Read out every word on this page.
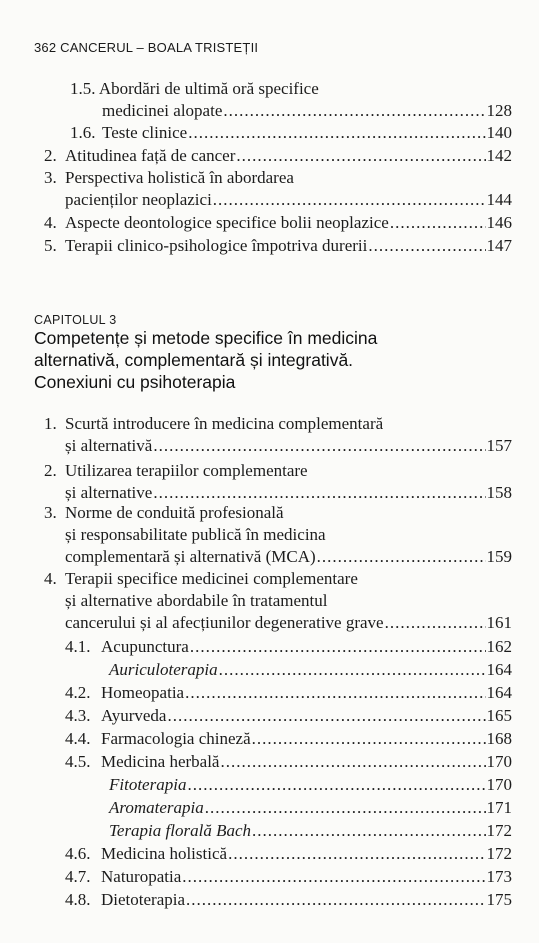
362 CANCERUL – BOALA TRISTEȚII
1.5. Abordări de ultimă oră specifice
medicinei alopate .....	128
1.6. Teste clinice .....	140
2. Atitudinea față de cancer .....	142
3. Perspectiva holistică în abordarea
pacienților neoplazici .....	144
4. Aspecte deontologice specifice bolii neoplazice .....	146
5. Terapii clinico-psihologice împotriva durerii .....	147
CAPITOLUL 3
Competențe și metode specifice în medicina
alternativă, complementară și integrativă.
Conexiuni cu psihoterapia
1. Scurtă introducere în medicina complementară
și alternativă .....	157
2. Utilizarea terapiilor complementare
și alternative .....	158
3. Norme de conduită profesională
și responsabilitate publică în medicina
complementară și alternativă (MCA) .....	159
4. Terapii specifice medicinei complementare
și alternative abordabile în tratamentul
cancerului și al afecțiunilor degenerative grave .....	161
4.1. Acupunctura .....	162
Auriculoterapia .....	164
4.2. Homeopatia .....	164
4.3. Ayurveda .....	165
4.4. Farmacologia chineză .....	168
4.5. Medicina herbală .....	170
Fitoterapia .....	170
Aromaterapia .....	171
Terapia florală Bach .....	172
4.6. Medicina holistică .....	172
4.7. Naturopatia .....	173
4.8. Dietoterapia .....	175
